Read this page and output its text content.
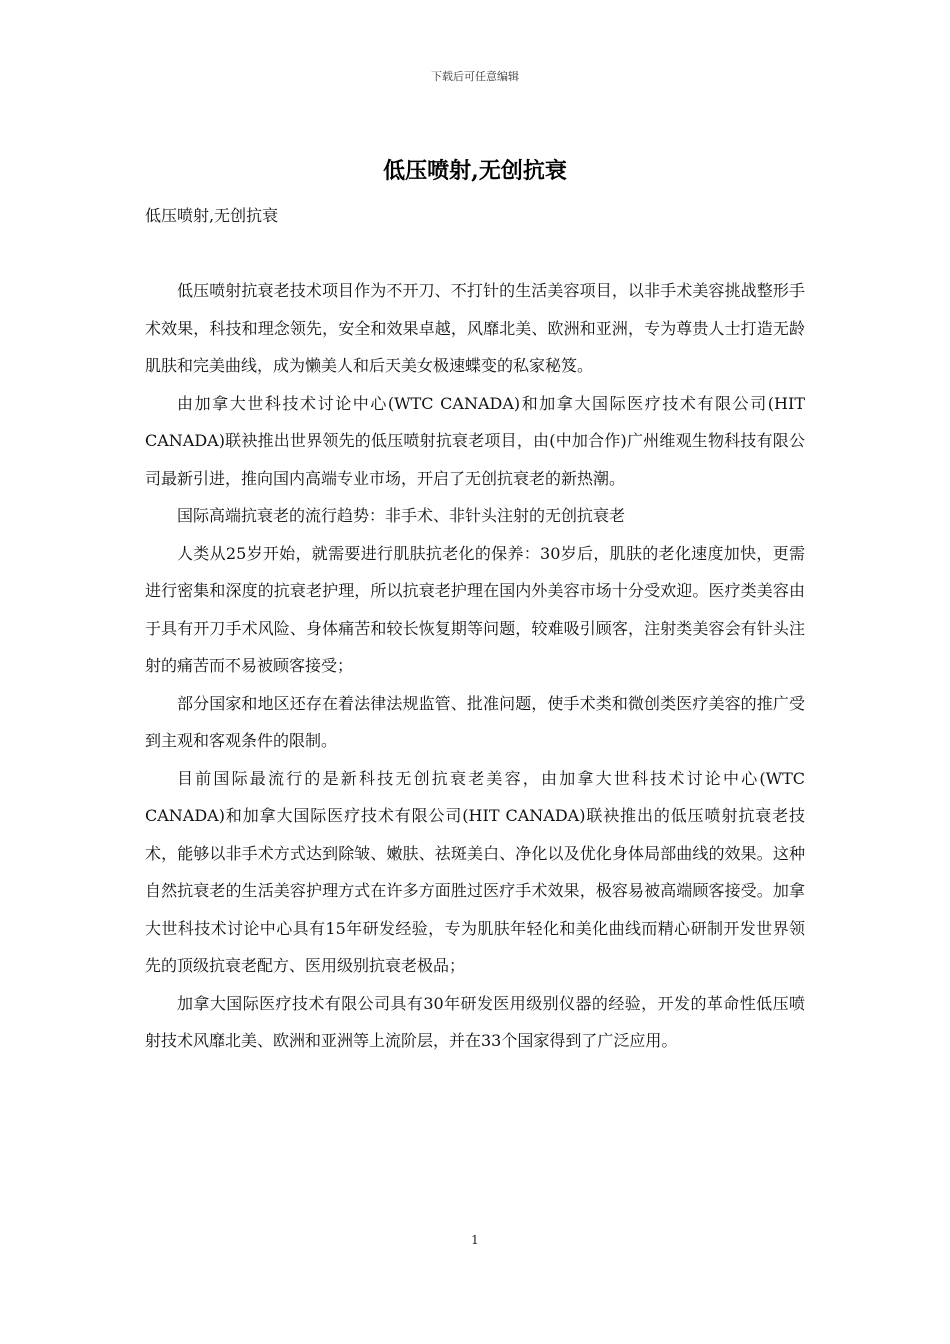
下载后可任意编辑
低压喷射,无创抗衰
低压喷射,无创抗衰

低压喷射抗衰老技术项目作为不开刀、不打针的生活美容项目，以非手术美容挑战整形手术效果，科技和理念领先，安全和效果卓越，风靡北美、欧洲和亚洲，专为尊贵人士打造无龄肌肤和完美曲线，成为懒美人和后天美女极速蝶变的私家秘笈。

由加拿大世科技术讨论中心(WTC CANADA)和加拿大国际医疗技术有限公司(HIT CANADA)联袂推出世界领先的低压喷射抗衰老项目，由(中加合作)广州维观生物科技有限公司最新引进，推向国内高端专业市场，开启了无创抗衰老的新热潮。

国际高端抗衰老的流行趋势：非手术、非针头注射的无创抗衰老

人类从25岁开始，就需要进行肌肤抗老化的保养：30岁后，肌肤的老化速度加快，更需进行密集和深度的抗衰老护理，所以抗衰老护理在国内外美容市场十分受欢迎。医疗类美容由于具有开刀手术风险、身体痛苦和较长恢复期等问题，较难吸引顾客，注射类美容会有针头注射的痛苦而不易被顾客接受；

部分国家和地区还存在着法律法规监管、批准问题，使手术类和微创类医疗美容的推广受到主观和客观条件的限制。

目前国际最流行的是新科技无创抗衰老美容，由加拿大世科技术讨论中心(WTC CANADA)和加拿大国际医疗技术有限公司(HIT CANADA)联袂推出的低压喷射抗衰老技术，能够以非手术方式达到除皱、嫩肤、祛斑美白、净化以及优化身体局部曲线的效果。这种自然抗衰老的生活美容护理方式在许多方面胜过医疗手术效果，极容易被高端顾客接受。加拿大世科技术讨论中心具有15年研发经验，专为肌肤年轻化和美化曲线而精心研制开发世界领先的顶级抗衰老配方、医用级别抗衰老极品；

加拿大国际医疗技术有限公司具有30年研发医用级别仪器的经验，开发的革命性低压喷射技术风靡北美、欧洲和亚洲等上流阶层，并在33个国家得到了广泛应用。

1
